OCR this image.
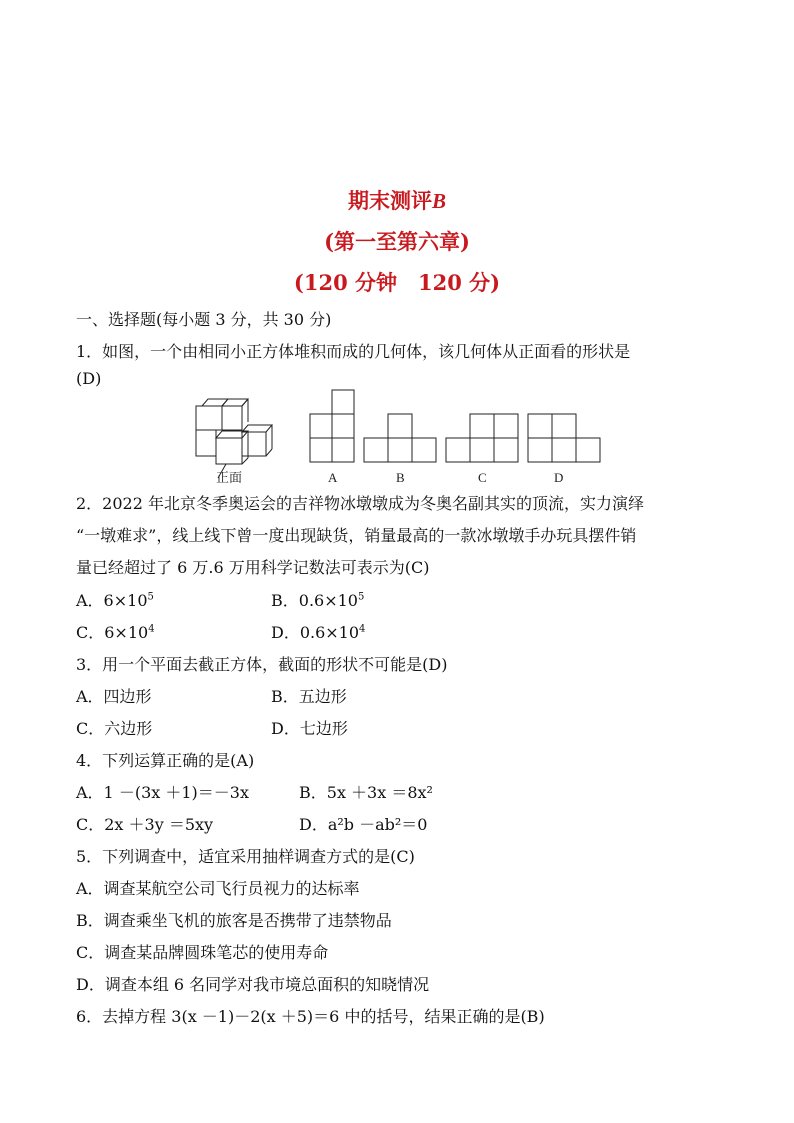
期末测评B
(第一至第六章)
(120 分钟　120 分)
一、选择题(每小题 3 分，共 30 分)
1．如图，一个由相同小正方体堆积而成的几何体，该几何体从正面看的形状是
(D)
正面	A	B	C	D
2．2022 年北京冬季奥运会的吉祥物冰墩墩成为冬奥名副其实的顶流，实力演绎
“一墩难求”，线上线下曾一度出现缺货，销量最高的一款冰墩墩手办玩具摆件销
量已经超过了 6 万.6 万用科学记数法可表示为(C)
A．$6\times 10^5$	B．$0.6\times 10^5$
C．$6\times 10^4$	D．$0.6\times 10^4$
3．用一个平面去截正方体，截面的形状不可能是(D)
A．四边形	B．五边形
C．六边形	D．七边形
4．下列运算正确的是(A)
A．1 －(3x ＋1)＝－3x	B．5x ＋3x ＝8x²
C．2x ＋3y ＝5xy	D．a²b －ab²＝0
5．下列调查中，适宜采用抽样调查方式的是(C)
A．调查某航空公司飞行员视力的达标率
B．调查乘坐飞机的旅客是否携带了违禁物品
C．调查某品牌圆珠笔芯的使用寿命
D．调查本组 6 名同学对我市境总面积的知晓情况
6．去掉方程 3(x －1)－2(x ＋5)＝6 中的括号，结果正确的是(B)
